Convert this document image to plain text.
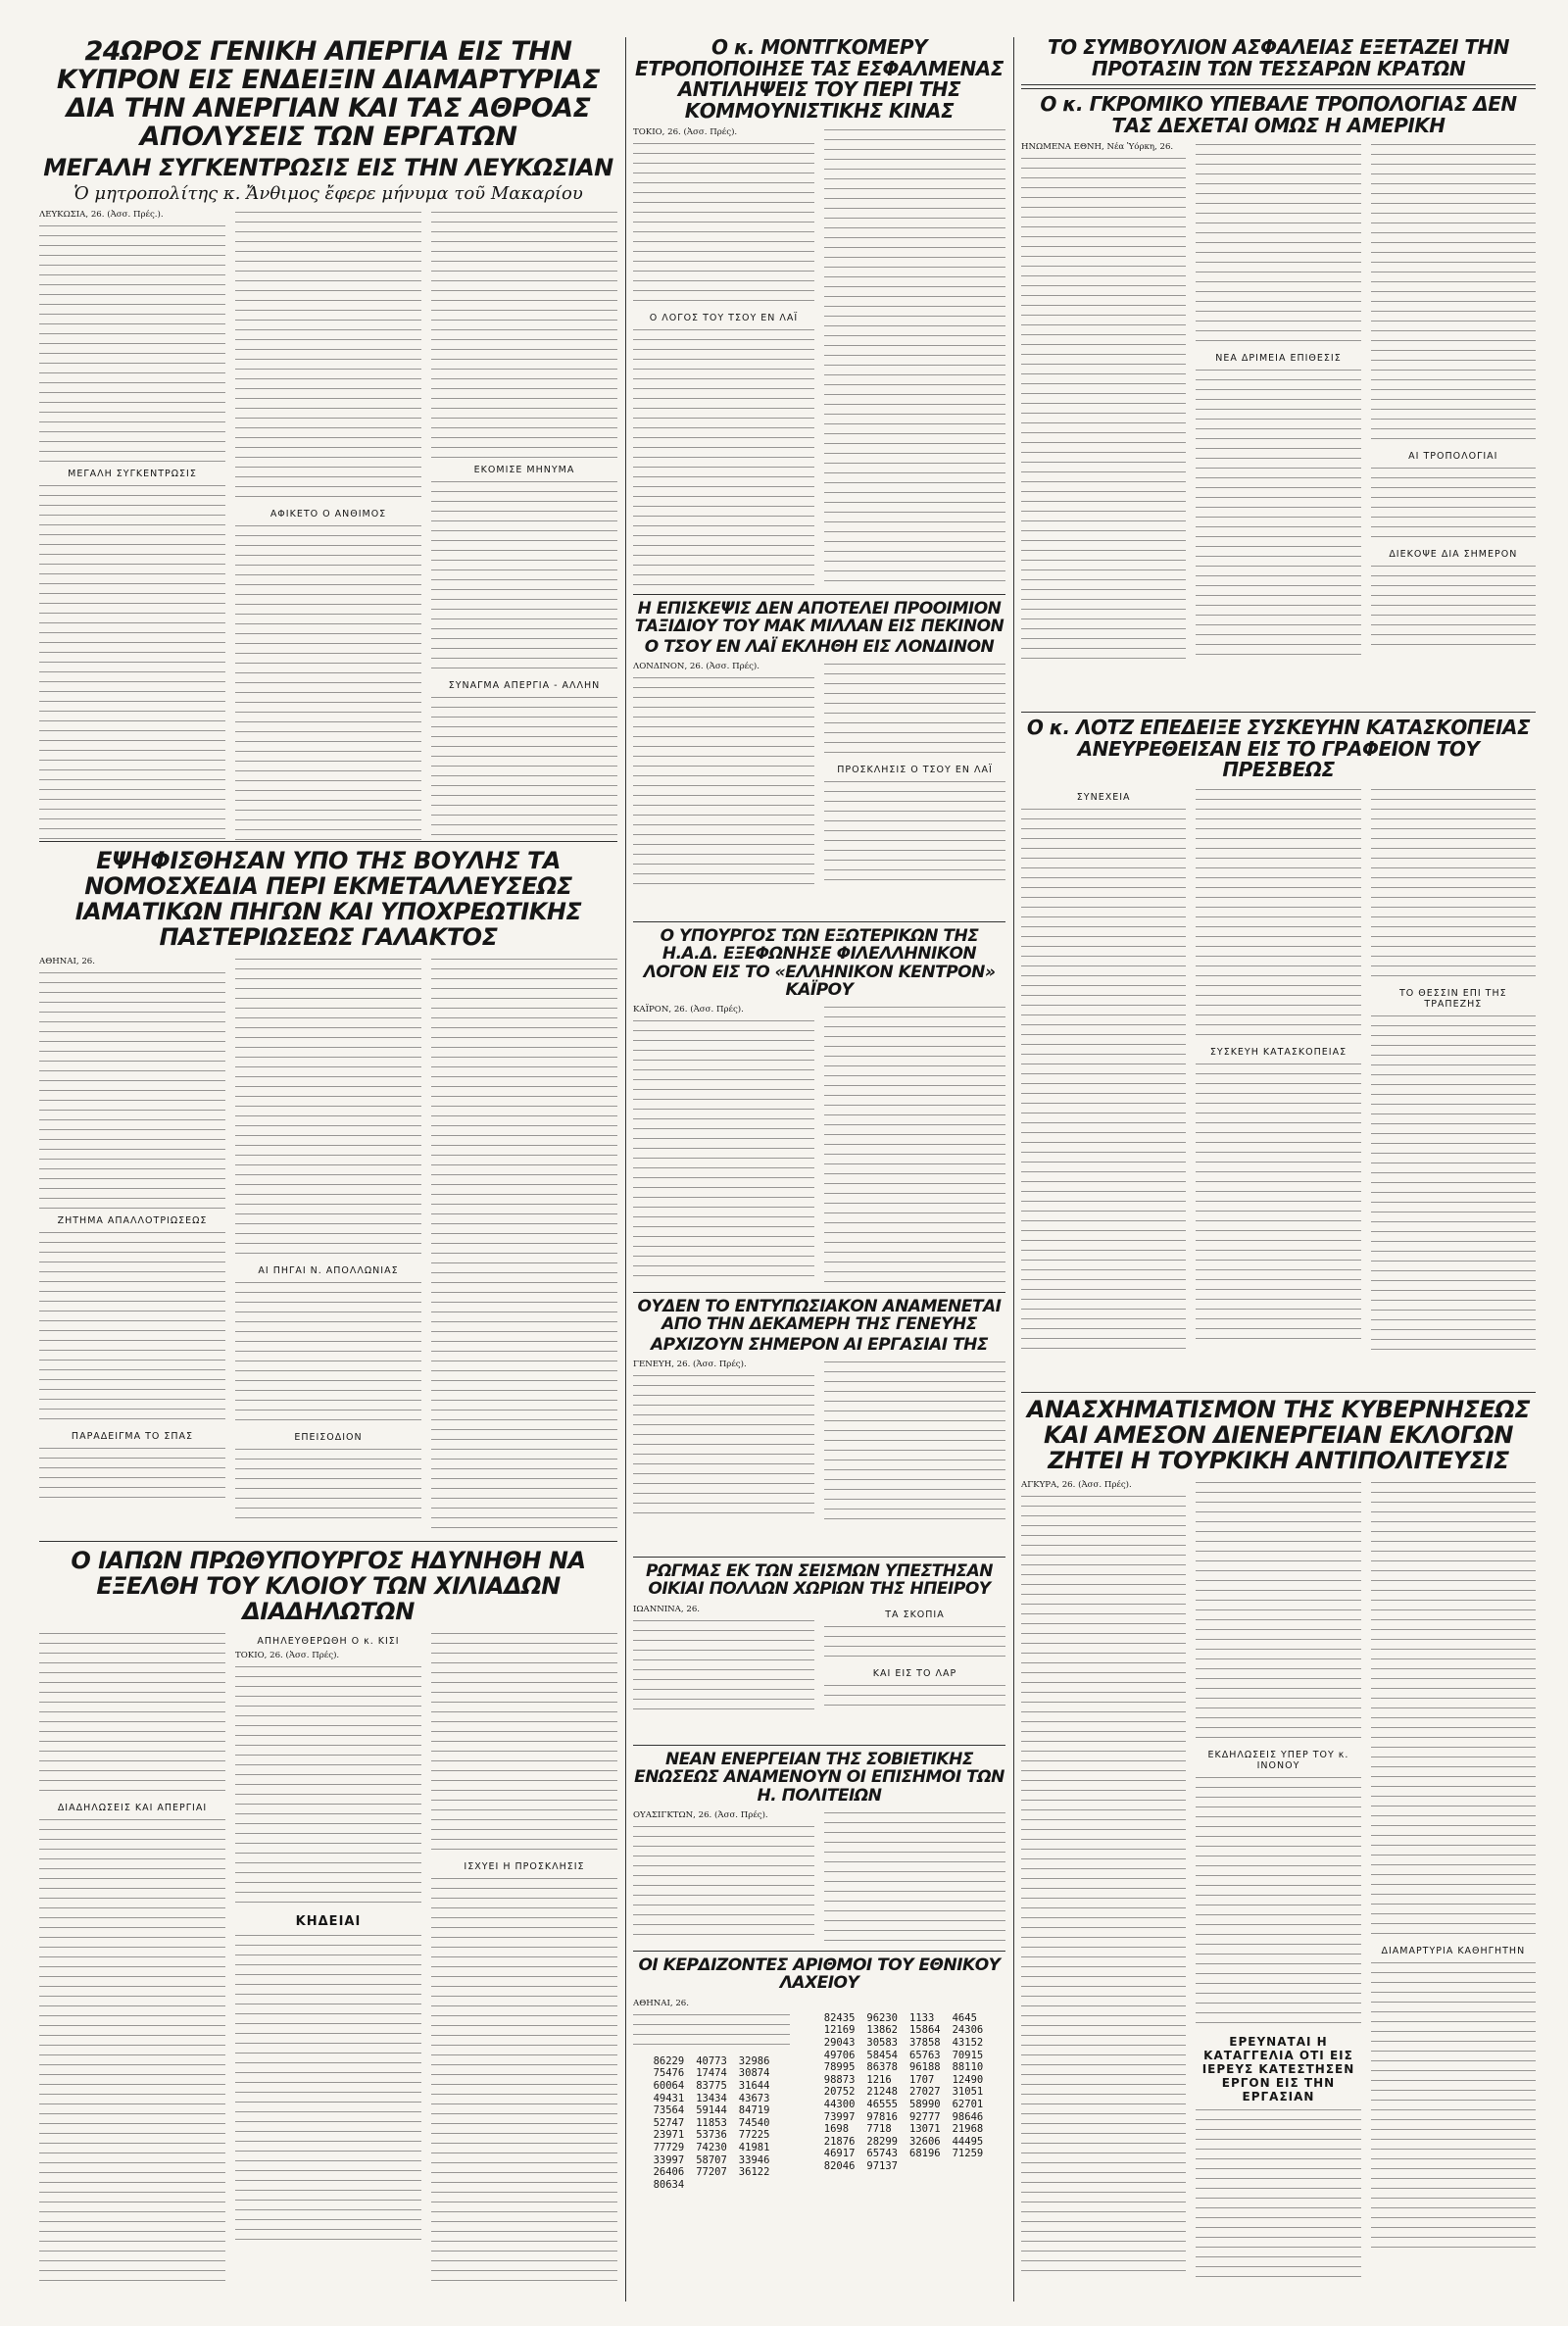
24ΩΡΟΣ ΓΕΝΙΚΗ ΑΠΕΡΓΙΑ ΕΙΣ ΤΗΝ ΚΥΠΡΟΝ ΕΙΣ ΕΝΔΕΙΞΙΝ ΔΙΑΜΑΡΤΥΡΙΑΣ ΔΙΑ ΤΗΝ ΑΝΕΡΓΙΑΝ ΚΑΙ ΤΑΣ ΑΘΡΟΑΣ ΑΠΟΛΥΣΕΙΣ ΤΩΝ ΕΡΓΑΤΩΝ
ΜΕΓΑΛΗ ΣΥΓΚΕΝΤΡΩΣΙΣ ΕΙΣ ΤΗΝ ΛΕΥΚΩΣΙΑΝ
Ὁ μητροπολίτης κ. Ἄνθιμος ἔφερε μήνυμα τοῦ Μακαρίου

ΛΕΥΚΩΣΙΑ, 26. (Ἀσσ. Πρές.).

ΜΕΓΑΛΗ ΣΥΓΚΕΝΤΡΩΣΙΣ
ΑΦΙΚΕΤΟ Ο ΑΝΘΙΜΟΣ
ΕΚΟΜΙΣΕ ΜΗΝΥΜΑ
ΣΥΝΑΓΜΑ ΑΠΕΡΓΙΑ - ΑΛΛΗΝ
ΕΨΗΦΙΣΘΗΣΑΝ ΥΠΟ ΤΗΣ ΒΟΥΛΗΣ ΤΑ ΝΟΜΟΣΧΕΔΙΑ ΠΕΡΙ ΕΚΜΕΤΑΛΛΕΥΣΕΩΣ ΙΑΜΑΤΙΚΩΝ ΠΗΓΩΝ ΚΑΙ ΥΠΟΧΡΕΩΤΙΚΗΣ ΠΑΣΤΕΡΙΩΣΕΩΣ ΓΑΛΑΚΤΟΣ

ΑΘΗΝΑΙ, 26.

ΖΗΤΗΜΑ ΑΠΑΛΛΟΤΡΙΩΣΕΩΣ
ΠΑΡΑΔΕΙΓΜΑ ΤΟ ΣΠΑΣ
ΑΙ ΠΗΓΑΙ Ν. ΑΠΟΛΛΩΝΙΑΣ
ΕΠΕΙΣΟΔΙΟΝ
Ο ΙΑΠΩΝ ΠΡΩΘΥΠΟΥΡΓΟΣ ΗΔΥΝΗΘΗ ΝΑ ΕΞΕΛΘΗ ΤΟΥ ΚΛΟΙΟΥ ΤΩΝ ΧΙΛΙΑΔΩΝ ΔΙΑΔΗΛΩΤΩΝ
ΔΙΑΔΗΛΩΣΕΙΣ ΚΑΙ ΑΠΕΡΓΙΑΙ
ΑΠΗΛΕΥΘΕΡΩΘΗ Ο κ. ΚΙΣΙ

ΤΟΚΙΟ, 26. (Ἀσσ. Πρές).

ΚΗΔΕΙΑΙ
ΙΣΧΥΕΙ Η ΠΡΟΣΚΛΗΣΙΣ
Ο κ. ΜΟΝΤΓΚΟΜΕΡΥ ΕΤΡΟΠΟΠΟΙΗΣΕ ΤΑΣ ΕΣΦΑΛΜΕΝΑΣ ΑΝΤΙΛΗΨΕΙΣ ΤΟΥ ΠΕΡΙ ΤΗΣ ΚΟΜΜΟΥΝΙΣΤΙΚΗΣ ΚΙΝΑΣ

ΤΟΚΙΟ, 26. (Ἀσσ. Πρές).

Ο ΛΟΓΟΣ ΤΟΥ ΤΣΟΥ ΕΝ ΛΑΪ
Η ΕΠΙΣΚΕΨΙΣ ΔΕΝ ΑΠΟΤΕΛΕΙ ΠΡΟΟΙΜΙΟΝ ΤΑΞΙΔΙΟΥ ΤΟΥ ΜΑΚ ΜΙΛΛΑΝ ΕΙΣ ΠΕΚΙΝΟΝ
Ο ΤΣΟΥ ΕΝ ΛΑΪ ΕΚΛΗΘΗ ΕΙΣ ΛΟΝΔΙΝΟΝ

ΛΟΝΔΙΝΟΝ, 26. (Ἀσσ. Πρές).

ΠΡΟΣΚΛΗΣΙΣ Ο ΤΣΟΥ ΕΝ ΛΑΪ
Ο ΥΠΟΥΡΓΟΣ ΤΩΝ ΕΞΩΤΕΡΙΚΩΝ ΤΗΣ Η.Α.Δ. ΕΞΕΦΩΝΗΣΕ ΦΙΛΕΛΛΗΝΙΚΟΝ ΛΟΓΟΝ ΕΙΣ ΤΟ «ΕΛΛΗΝΙΚΟΝ ΚΕΝΤΡΟΝ» ΚΑΪΡΟΥ

ΚΑΪΡΟΝ, 26. (Ἀσσ. Πρές).

ΟΥΔΕΝ ΤΟ ΕΝΤΥΠΩΣΙΑΚΟΝ ΑΝΑΜΕΝΕΤΑΙ ΑΠΟ ΤΗΝ ΔΕΚΑΜΕΡΗ ΤΗΣ ΓΕΝΕΥΗΣ
ΑΡΧΙΖΟΥΝ ΣΗΜΕΡΟΝ ΑΙ ΕΡΓΑΣΙΑΙ ΤΗΣ

ΓΕΝΕΥΗ, 26. (Ἀσσ. Πρές).

ΡΩΓΜΑΣ ΕΚ ΤΩΝ ΣΕΙΣΜΩΝ ΥΠΕΣΤΗΣΑΝ ΟΙΚΙΑΙ ΠΟΛΛΩΝ ΧΩΡΙΩΝ ΤΗΣ ΗΠΕΙΡΟΥ

ΙΩΑΝΝΙΝΑ, 26.	ΤΑ ΣΚΟΠΙΑ
ΚΑΙ ΕΙΣ ΤΟ ΛΑΡ
ΝΕΑΝ ΕΝΕΡΓΕΙΑΝ ΤΗΣ ΣΟΒΙΕΤΙΚΗΣ ΕΝΩΣΕΩΣ ΑΝΑΜΕΝΟΥΝ ΟΙ ΕΠΙΣΗΜΟΙ ΤΩΝ Η. ΠΟΛΙΤΕΙΩΝ

ΟΥΑΣΙΓΚΤΩΝ, 26. (Ἀσσ. Πρές).

ΟΙ ΚΕΡΔΙΖΟΝΤΕΣ ΑΡΙΘΜΟΙ ΤΟΥ ΕΘΝΙΚΟΥ ΛΑΧΕΙΟΥ

ΑΘΗΝΑΙ, 26.

86229 40773 32986
75476 17474 30874
60064 83775 31644
49431 13434 43673
73564 59144 84719
52747 11853 74540
23971 53736 77225
77729 74230 41981
33997 58707 33946
26406 77207 36122
80634
82435 96230 1133	4645
12169 13862 15864 24306
29043 30583 37858 43152
49706 58454 65763 70915
78995 86378 96188 88110
98873 1216	1707	12490
20752 21248 27027 31051
44300 46555 58990 62701
73997 97816 92777 98646
1698	7718	13071 21968
21876 28299 32606 44495
46917 65743 68196 71259
82046 97137
ΤΟ ΣΥΜΒΟΥΛΙΟΝ ΑΣΦΑΛΕΙΑΣ ΕΞΕΤΑΖΕΙ ΤΗΝ ΠΡΟΤΑΣΙΝ ΤΩΝ ΤΕΣΣΑΡΩΝ ΚΡΑΤΩΝ
Ο κ. ΓΚΡΟΜΙΚΟ ΥΠΕΒΑΛΕ ΤΡΟΠΟΛΟΓΙΑΣ ΔΕΝ ΤΑΣ ΔΕΧΕΤΑΙ ΟΜΩΣ Η ΑΜΕΡΙΚΗ

ΗΝΩΜΕΝΑ ΕΘΝΗ, Νέα Ὑόρκη, 26.

ΝΕΑ ΔΡΙΜΕΙΑ ΕΠΙΘΕΣΙΣ
ΑΙ ΤΡΟΠΟΛΟΓΙΑΙ
ΔΙΕΚΟΨΕ ΔΙΑ ΣΗΜΕΡΟΝ
Ο κ. ΛΟΤΖ ΕΠΕΔΕΙΞΕ ΣΥΣΚΕΥΗΝ ΚΑΤΑΣΚΟΠΕΙΑΣ ΑΝΕΥΡΕΘΕΙΣΑΝ ΕΙΣ ΤΟ ΓΡΑΦΕΙΟΝ ΤΟΥ ΠΡΕΣΒΕΩΣ
ΣΥΝΕΧΕΙΑ
ΣΥΣΚΕΥΗ ΚΑΤΑΣΚΟΠΕΙΑΣ
ΤΟ ΘΕΣΣΙΝ ΕΠΙ ΤΗΣ ΤΡΑΠΕΖΗΣ
ΑΝΑΣΧΗΜΑΤΙΣΜΟΝ ΤΗΣ ΚΥΒΕΡΝΗΣΕΩΣ ΚΑΙ ΑΜΕΣΟΝ ΔΙΕΝΕΡΓΕΙΑΝ ΕΚΛΟΓΩΝ ΖΗΤΕΙ Η ΤΟΥΡΚΙΚΗ ΑΝΤΙΠΟΛΙΤΕΥΣΙΣ

ΑΓΚΥΡΑ, 26. (Ἀσσ. Πρές).

ΕΚΔΗΛΩΣΕΙΣ ΥΠΕΡ ΤΟΥ κ. ΙΝΟΝΟΥ
ΕΡΕΥΝΑΤΑΙ Η ΚΑΤΑΓΓΕΛΙΑ ΟΤΙ ΕΙΣ ΙΕΡΕΥΣ ΚΑΤΕΣΤΗΣΕΝ ΕΡΓΟΝ ΕΙΣ ΤΗΝ ΕΡΓΑΣΙΑΝ
ΔΙΑΜΑΡΤΥΡΙΑ ΚΑΘΗΓΗΤΗΝ
